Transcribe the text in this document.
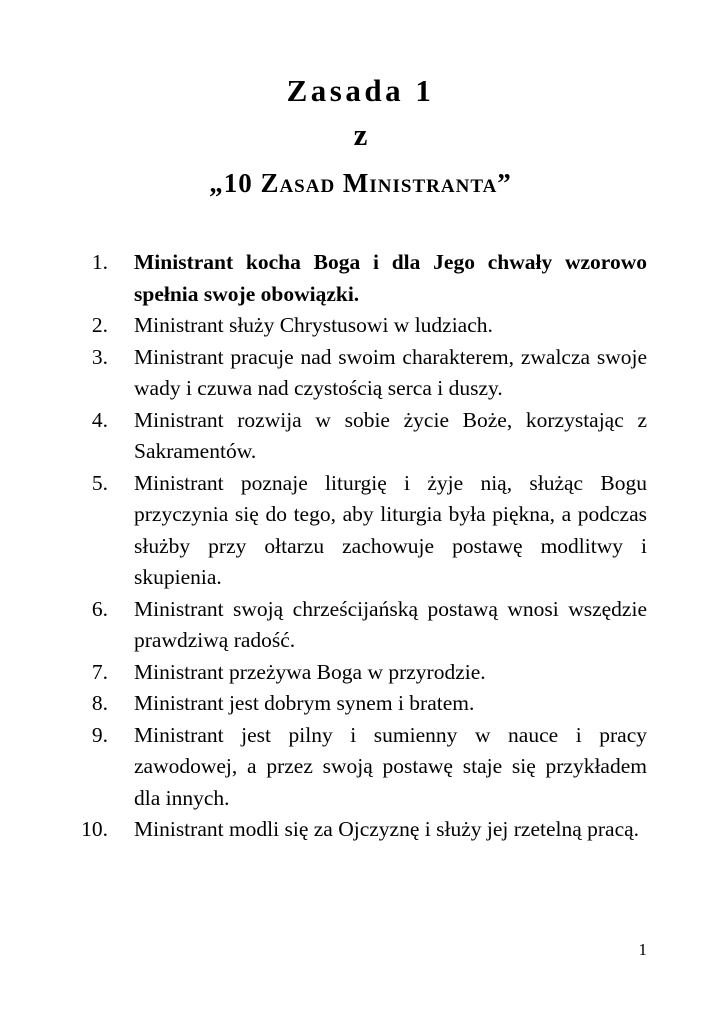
Zasada 1
z
„10 Zasad Ministranta”
1. Ministrant kocha Boga i dla Jego chwały wzorowo spełnia swoje obowiązki.
2. Ministrant służy Chrystusowi w ludziach.
3. Ministrant pracuje nad swoim charakterem, zwalcza swoje wady i czuwa nad czystością serca i duszy.
4. Ministrant rozwija w sobie życie Boże, korzystając z Sakramentów.
5. Ministrant poznaje liturgię i żyje nią, służąc Bogu przyczynia się do tego, aby liturgia była piękna, a podczas służby przy ołtarzu zachowuje postawę modlitwy i skupienia.
6. Ministrant swoją chrześcijańską postawą wnosi wszędzie prawdziwą radość.
7. Ministrant przeżywa Boga w przyrodzie.
8. Ministrant jest dobrym synem i bratem.
9. Ministrant jest pilny i sumienny w nauce i pracy zawodowej, a przez swoją postawę staje się przykładem dla innych.
10. Ministrant modli się za Ojczyznę i służy jej rzetelną pracą.
1
